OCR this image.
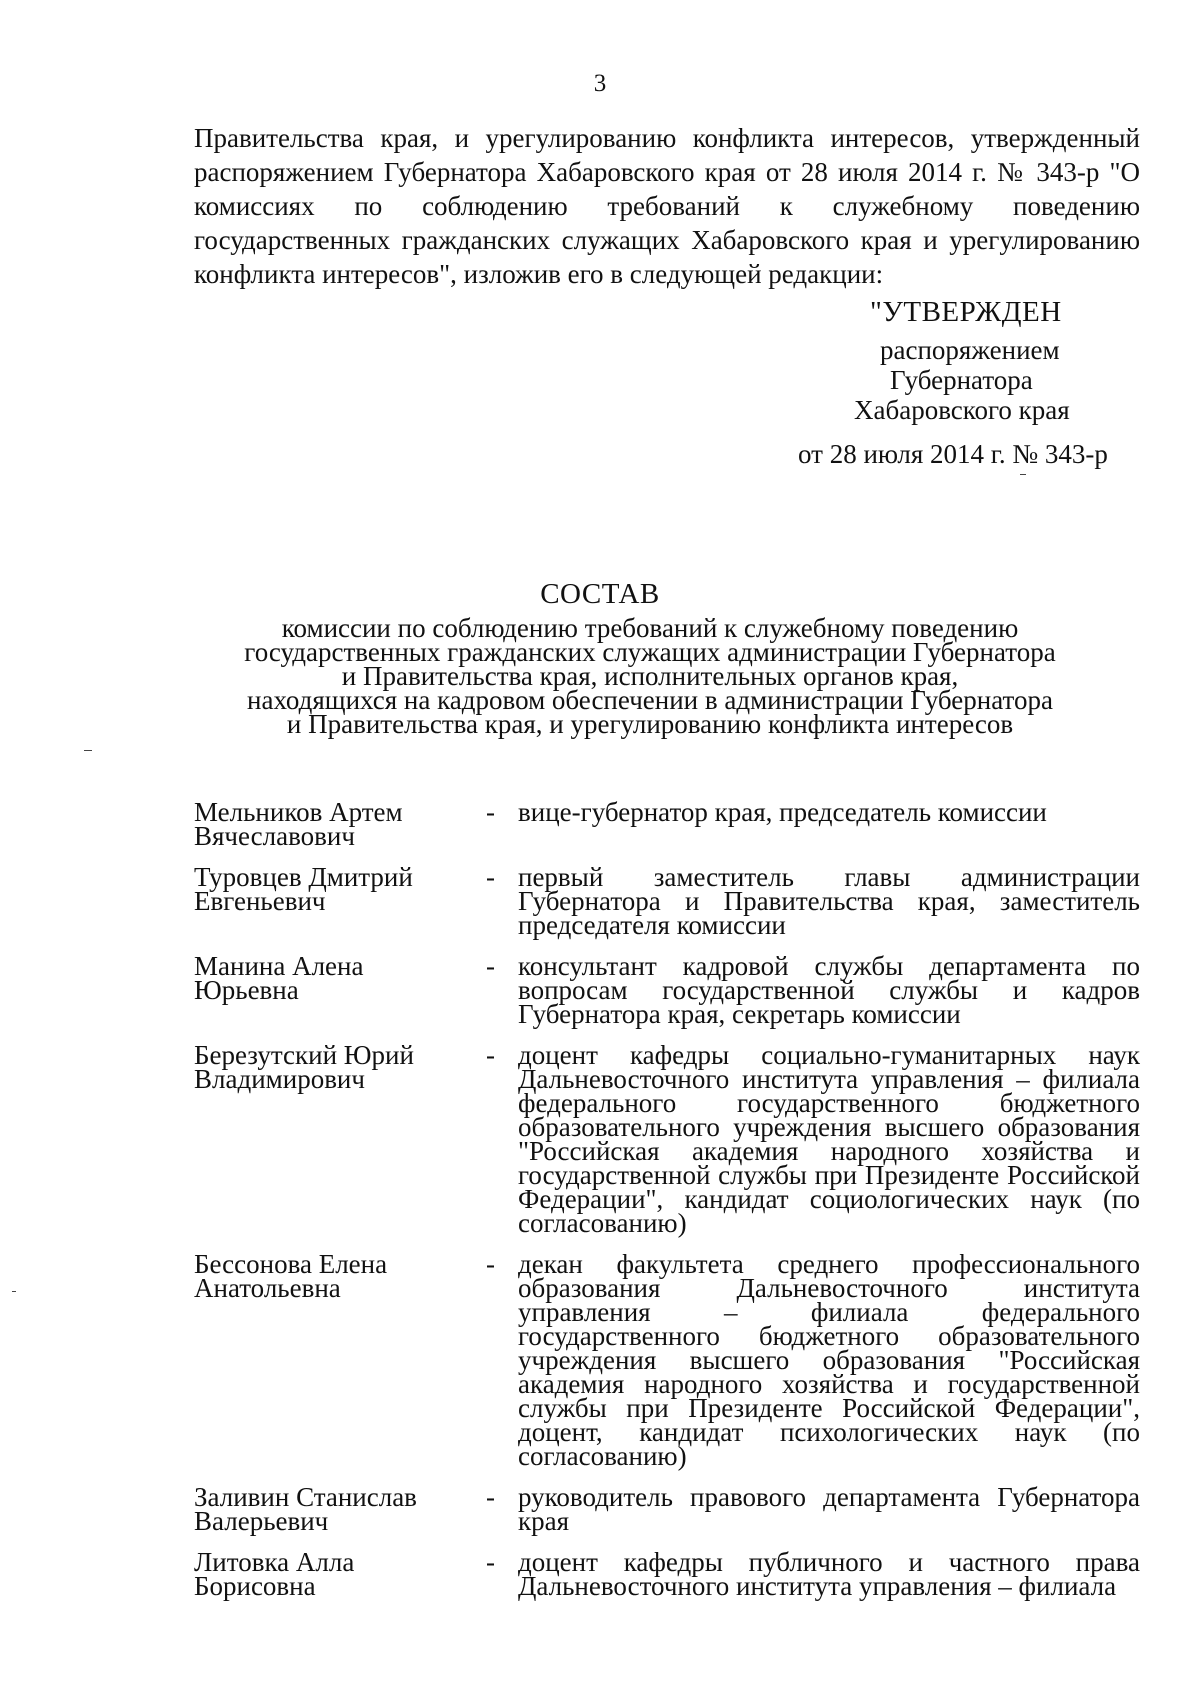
3

Правительства края, и урегулированию конфликта интересов, утвержденный распоряжением Губернатора Хабаровского края от 28 июля 2014 г. № 343-р "О комиссиях по соблюдению требований к служебному поведению государственных гражданских служащих Хабаровского края и урегулированию конфликта интересов", изложив его в следующей редакции:

"УТВЕРЖДЕН
распоряжением
Губернатора
Хабаровского края
от 28 июля 2014 г. № 343-р
СОСТАВ
комиссии по соблюдению требований к служебному поведению
государственных гражданских служащих администрации Губернатора
и Правительства края, исполнительных органов края,
находящихся на кадровом обеспечении в администрации Губернатора
и Правительства края, и урегулированию конфликта интересов
Мельников Артем
Вячеславович
- вице-губернатор края, председатель комиссии
Туровцев Дмитрий
Евгеньевич
- первый заместитель главы администрации Губернатора и Правительства края, заместитель председателя комиссии
Манина Алена
Юрьевна
- консультант кадровой службы департамента по вопросам государственной службы и кадров Губернатора края, секретарь комиссии
Березутский Юрий
Владимирович
- доцент кафедры социально-гуманитарных наук Дальневосточного института управления – филиала федерального государственного бюджетного образовательного учреждения высшего образования "Российская академия народного хозяйства и государственной службы при Президенте Российской Федерации", кандидат социологических наук (по согласованию)
Бессонова Елена
Анатольевна
- декан факультета среднего профессионального образования Дальневосточного института управления – филиала федерального государственного бюджетного образовательного учреждения высшего образования "Российская академия народного хозяйства и государственной службы при Президенте Российской Федерации", доцент, кандидат психологических наук (по согласованию)
Заливин Станислав
Валерьевич
- руководитель правового департамента Губернатора края
Литовка Алла
Борисовна
- доцент кафедры публичного и частного права Дальневосточного института управления – филиала
